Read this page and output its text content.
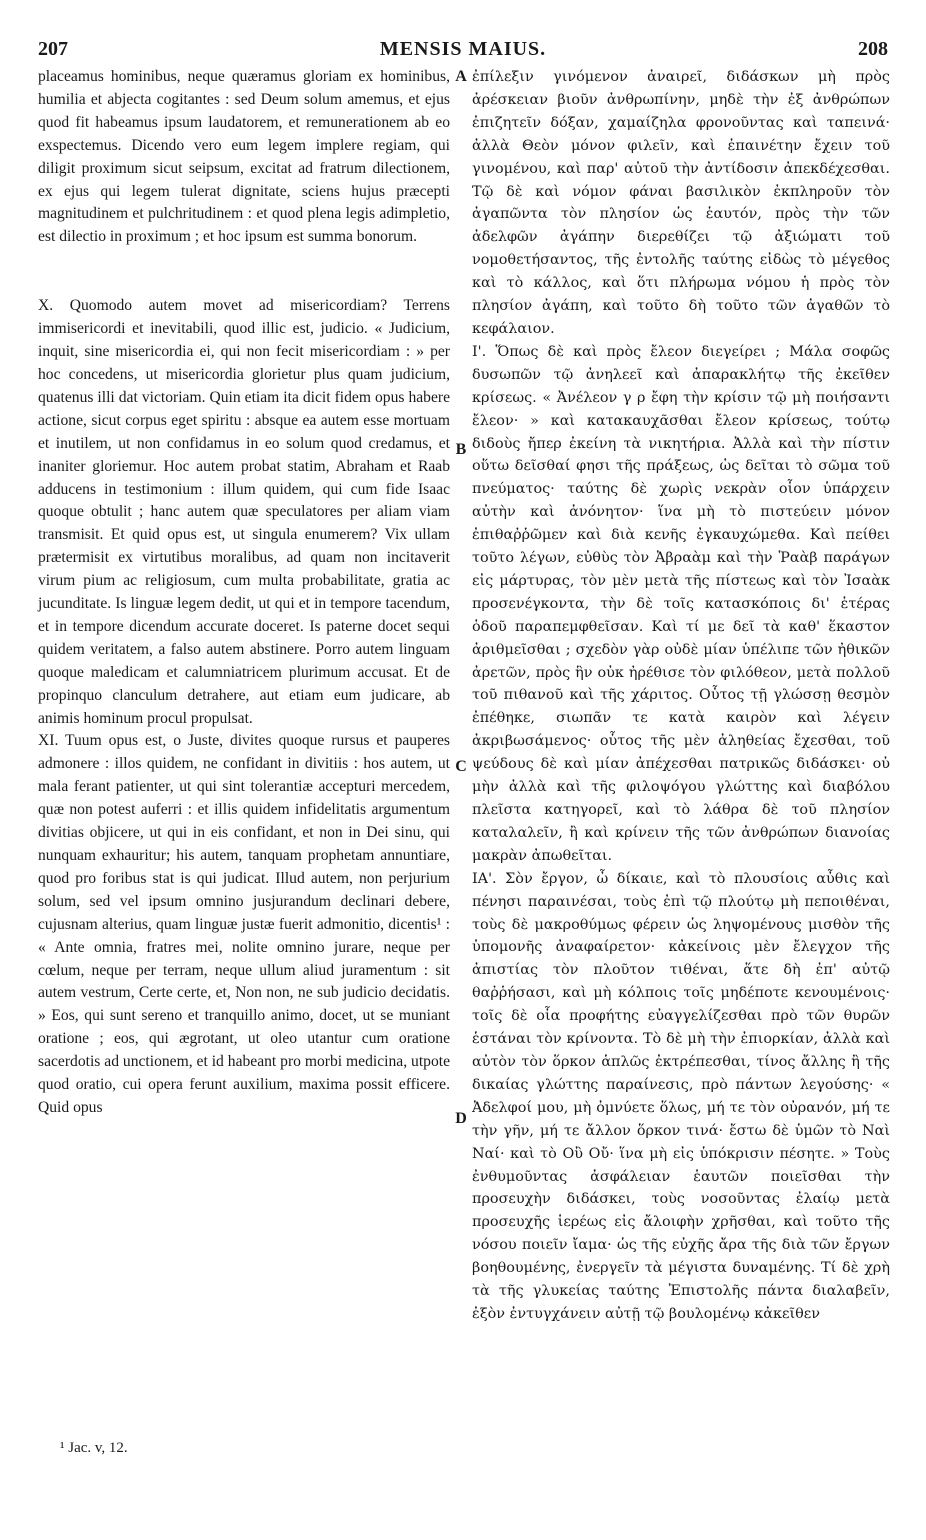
207	MENSIS MAIUS.	208

placeamus hominibus, neque quæramus gloriam ex hominibus, humilia et abjecta cogitantes : sed Deum solum amemus, et ejus quod fit habeamus ipsum laudatorem, et remunerationem ab eo exspectemus. Dicendo vero eum legem implere regiam, qui diligit proximum sicut seipsum, excitat ad fratrum dilectionem, ex ejus qui legem tulerat dignitate, sciens hujus præcepti magnitudinem et pulchritudinem : et quod plena legis adimpletio, est dilectio in proximum ; et hoc ipsum est summa bonorum.

X. Quomodo autem movet ad misericordiam? Terrens immisericordi et inevitabili, quod illic est, judicio. « Judicium, inquit, sine misericordia ei, qui non fecit misericordiam : » per hoc concedens, ut misericordia glorietur plus quam judicium, quatenus illi dat victoriam. Quin etiam ita dicit fidem opus habere actione, sicut corpus eget spiritu : absque ea autem esse mortuam et inutilem, ut non confidamus in eo solum quod credamus, et inaniter gloriemur. Hoc autem probat statim, Abraham et Raab adducens in testimonium : illum quidem, qui cum fide Isaac quoque obtulit ; hanc autem quæ speculatores per aliam viam transmisit. Et quid opus est, ut singula enumerem? Vix ullam prætermisit ex virtutibus moralibus, ad quam non incitaverit virum pium ac religiosum, cum multa probabilitate, gratia ac jucunditate. Is linguæ legem dedit, ut qui et in tempore tacendum, et in tempore dicendum accurate doceret. Is paterne docet sequi quidem veritatem, a falso autem abstinere. Porro autem linguam quoque maledicam et calumniatricem plurimum accusat. Et de propinquo clanculum detrahere, aut etiam eum judicare, ab animis hominum procul propulsat.

XI. Tuum opus est, o Juste, divites quoque rursus et pauperes admonere : illos quidem, ne confidant in divitiis : hos autem, ut mala ferant patienter, ut qui sint tolerantiæ accepturi mercedem, quæ non potest auferri : et illis quidem infidelitatis argumentum divitias objicere, ut qui in eis confidant, et non in Dei sinu, qui nunquam exhauritur; his autem, tanquam prophetam annuntiare, quod pro foribus stat is qui judicat. Illud autem, non perjurium solum, sed vel ipsum omnino jusjurandum declinari debere, cujusnam alterius, quam linguæ justæ fuerit admonitio, dicentis¹ : « Ante omnia, fratres mei, nolite omnino jurare, neque per cœlum, neque per terram, neque ullum aliud juramentum : sit autem vestrum, Certe certe, et, Non non, ne sub judicio decidatis. » Eos, qui sunt sereno et tranquillo animo, docet, ut se muniant oratione ; eos, qui ægrotant, ut oleo utantur cum oratione sacerdotis ad unctionem, et id habeant pro morbi medicina, utpote quod oratio, cui opera ferunt auxilium, maxima possit efficere. Quid opus

A
B
C
D

ἐπίλεξιν γινόμενον ἀναιρεῖ, διδάσκων μὴ πρὸς ἀρέσκειαν βιοῦν ἀνθρωπίνην, μηδὲ τὴν ἐξ ἀνθρώπων ἐπιζητεῖν δόξαν, χαμαίζηλα φρονοῦντας καὶ ταπεινά· ἀλλὰ Θεὸν μόνον φιλεῖν, καὶ ἐπαινέτην ἔχειν τοῦ γινομένου, καὶ παρ' αὐτοῦ τὴν ἀντίδοσιν ἀπεκδέχεσθαι. Τῷ δὲ καὶ νόμον φάναι βασιλικὸν ἐκπληροῦν τὸν ἀγαπῶντα τὸν πλησίον ὡς ἑαυτόν, πρὸς τὴν τῶν ἀδελφῶν ἀγάπην διερεθίζει τῷ ἀξιώματι τοῦ νομοθετήσαντος, τῆς ἐντολῆς ταύτης εἰδὼς τὸ μέγεθος καὶ τὸ κάλλος, καὶ ὅτι πλήρωμα νόμου ἡ πρὸς τὸν πλησίον ἀγάπη, καὶ τοῦτο δὴ τοῦτο τῶν ἀγαθῶν τὸ κεφάλαιον.

Ι'. Ὅπως δὲ καὶ πρὸς ἔλεον διεγείρει ; Μάλα σοφῶς δυσωπῶν τῷ ἀνηλεεῖ καὶ ἀπαρακλήτῳ τῆς ἐκεῖθεν κρίσεως. « Ἀνέλεον γ ρ ἔφη τὴν κρίσιν τῷ μὴ ποιήσαντι ἔλεον· » καὶ κατακαυχᾶσθαι ἔλεον κρίσεως, τούτῳ διδοὺς ἤπερ ἐκείνη τὰ νικητήρια. Ἀλλὰ καὶ τὴν πίστιν οὕτω δεῖσθαί φησι τῆς πράξεως, ὡς δεῖται τὸ σῶμα τοῦ πνεύματος· ταύτης δὲ χωρὶς νεκρὰν οἷον ὑπάρχειν αὐτὴν καὶ ἀνόνητον· ἵνα μὴ τὸ πιστεύειν μόνον ἐπιθαῤῥῶμεν καὶ διὰ κενῆς ἐγκαυχώμεθα. Καὶ πείθει τοῦτο λέγων, εὐθὺς τὸν Ἀβραὰμ καὶ τὴν Ῥαὰβ παράγων εἰς μάρτυρας, τὸν μὲν μετὰ τῆς πίστεως καὶ τὸν Ἰσαὰκ προσενέγκοντα, τὴν δὲ τοῖς κατασκόποις δι' ἑτέρας ὁδοῦ παραπεμφθεῖσαν. Καὶ τί με δεῖ τὰ καθ' ἕκαστον ἀριθμεῖσθαι ; σχεδὸν γὰρ οὐδὲ μίαν ὑπέλιπε τῶν ἠθικῶν ἀρετῶν, πρὸς ἣν οὐκ ἠρέθισε τὸν φιλόθεον, μετὰ πολλοῦ τοῦ πιθανοῦ καὶ τῆς χάριτος. Οὗτος τῇ γλώσσῃ θεσμὸν ἐπέθηκε, σιωπᾶν τε κατὰ καιρὸν καὶ λέγειν ἀκριβωσάμενος· οὗτος τῆς μὲν ἀληθείας ἔχεσθαι, τοῦ ψεύδους δὲ καὶ μίαν ἀπέχεσθαι πατρικῶς διδάσκει· οὐ μὴν ἀλλὰ καὶ τῆς φιλοψόγου γλώττης καὶ διαβόλου πλεῖστα κατηγορεῖ, καὶ τὸ λάθρα δὲ τοῦ πλησίον καταλαλεῖν, ἢ καὶ κρίνειν τῆς τῶν ἀνθρώπων διανοίας μακρὰν ἀπωθεῖται.

ΙΑ'. Σὸν ἔργον, ὦ δίκαιε, καὶ τὸ πλουσίοις αὖθις καὶ πένησι παραινέσαι, τοὺς ἐπὶ τῷ πλούτῳ μὴ πεποιθέναι, τοὺς δὲ μακροθύμως φέρειν ὡς ληψομένους μισθὸν τῆς ὑπομονῆς ἀναφαίρετον· κἀκείνοις μὲν ἔλεγχον τῆς ἀπιστίας τὸν πλοῦτον τιθέναι, ἅτε δὴ ἐπ' αὐτῷ θαῤῥήσασι, καὶ μὴ κόλποις τοῖς μηδέποτε κενουμένοις· τοῖς δὲ οἷα προφήτης εὐαγγελίζεσθαι πρὸ τῶν θυρῶν ἑστάναι τὸν κρίνοντα. Τὸ δὲ μὴ τὴν ἐπιορκίαν, ἀλλὰ καὶ αὐτὸν τὸν ὅρκον ἁπλῶς ἐκτρέπεσθαι, τίνος ἄλλης ἢ τῆς δικαίας γλώττης παραίνεσις, πρὸ πάντων λεγούσης· « Ἀδελφοί μου, μὴ ὀμνύετε ὅλως, μή τε τὸν οὐρανόν, μή τε τὴν γῆν, μή τε ἄλλον ὅρκον τινά· ἔστω δὲ ὑμῶν τὸ Ναὶ Ναί· καὶ τὸ Οὒ Οὔ· ἵνα μὴ εἰς ὑπόκρισιν πέσητε. » Τοὺς ἐνθυμοῦντας ἀσφάλειαν ἑαυτῶν ποιεῖσθαι τὴν προσευχὴν διδάσκει, τοὺς νοσοῦντας ἐλαίῳ μετὰ προσευχῆς ἱερέως εἰς ἄλοιφὴν χρῆσθαι, καὶ τοῦτο τῆς νόσου ποιεῖν ἴαμα· ὡς τῆς εὐχῆς ἄρα τῆς διὰ τῶν ἔργων βοηθουμένης, ἐνεργεῖν τὰ μέγιστα δυναμένης. Τί δὲ χρὴ τὰ τῆς γλυκείας ταύτης Ἐπιστολῆς πάντα διαλαβεῖν, ἐξὸν ἐντυγχάνειν αὐτῇ τῷ βουλομένῳ κἀκεῖθεν

¹ Jac. v, 12.
